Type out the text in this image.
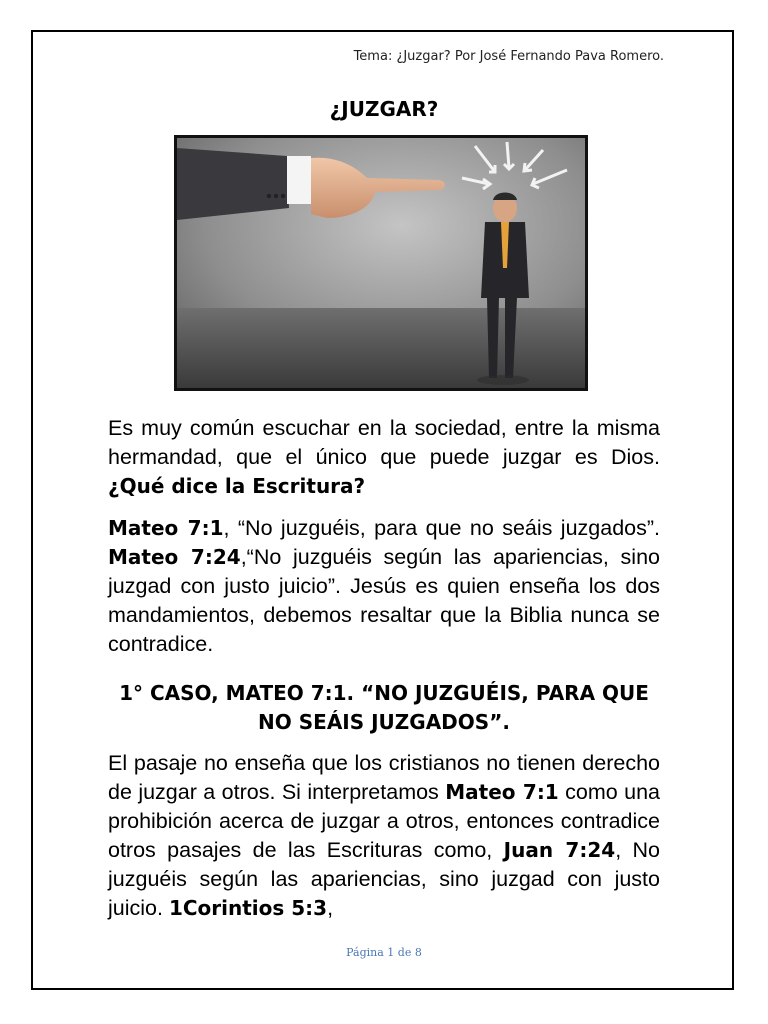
Tema: ¿Juzgar? Por José Fernando Pava Romero.
¿JUZGAR?
Es muy común escuchar en la sociedad, entre la misma hermandad, que el único que puede juzgar es Dios. ¿Qué dice la Escritura?
Mateo 7:1, “No juzguéis, para que no seáis juzgados”. Mateo 7:24,“No juzguéis según las apariencias, sino juzgad con justo juicio”. Jesús es quien enseña los dos mandamientos, debemos resaltar que la Biblia nunca se contradice.
1° CASO, MATEO 7:1. “NO JUZGUÉIS, PARA QUE NO SEÁIS JUZGADOS”.
El pasaje no enseña que los cristianos no tienen derecho de juzgar a otros. Si interpretamos Mateo 7:1 como una prohibición acerca de juzgar a otros, entonces contradice otros pasajes de las Escrituras como, Juan 7:24, No juzguéis según las apariencias, sino juzgad con justo juicio. 1Corintios 5:3,
Página 1 de 8
